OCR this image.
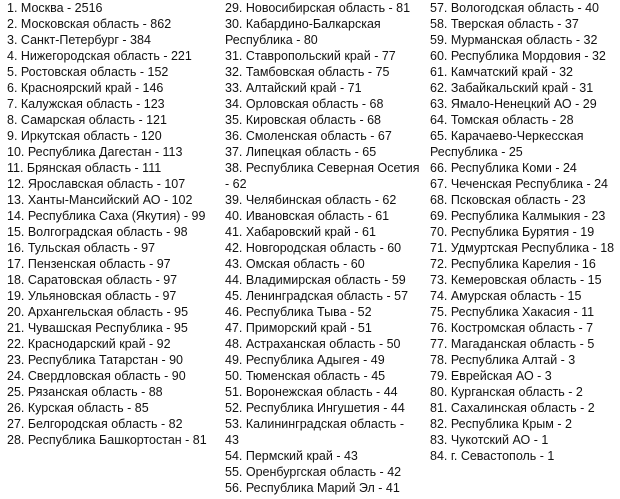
1. Москва - 2516
2. Московская область - 862
3. Санкт-Петербург - 384
4. Нижегородская область - 221
5. Ростовская область - 152
6. Красноярский край - 146
7. Калужская область - 123
8. Самарская область - 121
9. Иркутская область - 120
10. Республика Дагестан - 113
11. Брянская область - 111
12. Ярославская область - 107
13. Ханты-Мансийский АО - 102
14. Республика Саха (Якутия) - 99
15. Волгоградская область - 98
16. Тульская область - 97
17. Пензенская область - 97
18. Саратовская область - 97
19. Ульяновская область - 97
20. Архангельская область - 95
21. Чувашская Республика - 95
22. Краснодарский край - 92
23. Республика Татарстан - 90
24. Свердловская область - 90
25. Рязанская область - 88
26. Курская область - 85
27. Белгородская область - 82
28. Республика Башкортостан - 81
29. Новосибирская область - 81
30. Кабардино-Балкарская
Республика - 80
31. Ставропольский край - 77
32. Тамбовская область - 75
33. Алтайский край - 71
34. Орловская область - 68
35. Кировская область - 68
36. Смоленская область - 67
37. Липецкая область - 65
38. Республика Северная Осетия
- 62
39. Челябинская область - 62
40. Ивановская область - 61
41. Хабаровский край - 61
42. Новгородская область - 60
43. Омская область - 60
44. Владимирская область - 59
45. Ленинградская область - 57
46. Республика Тыва - 52
47. Приморский край - 51
48. Астраханская область - 50
49. Республика Адыгея - 49
50. Тюменская область - 45
51. Воронежская область - 44
52. Республика Ингушетия - 44
53. Калининградская область -
43
54. Пермский край - 43
55. Оренбургская область - 42
56. Республика Марий Эл - 41
57. Вологодская область - 40
58. Тверская область - 37
59. Мурманская область - 32
60. Республика Мордовия - 32
61. Камчатский край - 32
62. Забайкальский край - 31
63. Ямало-Ненецкий АО - 29
64. Томская область - 28
65. Карачаево-Черкесская
Республика - 25
66. Республика Коми - 24
67. Чеченская Республика - 24
68. Псковская область - 23
69. Республика Калмыкия - 23
70. Республика Бурятия - 19
71. Удмуртская Республика - 18
72. Республика Карелия - 16
73. Кемеровская область - 15
74. Амурская область - 15
75. Республика Хакасия - 11
76. Костромская область - 7
77. Магаданская область - 5
78. Республика Алтай - 3
79. Еврейская АО - 3
80. Курганская область - 2
81. Сахалинская область - 2
82. Республика Крым - 2
83. Чукотский АО - 1
84. г. Севастополь - 1
